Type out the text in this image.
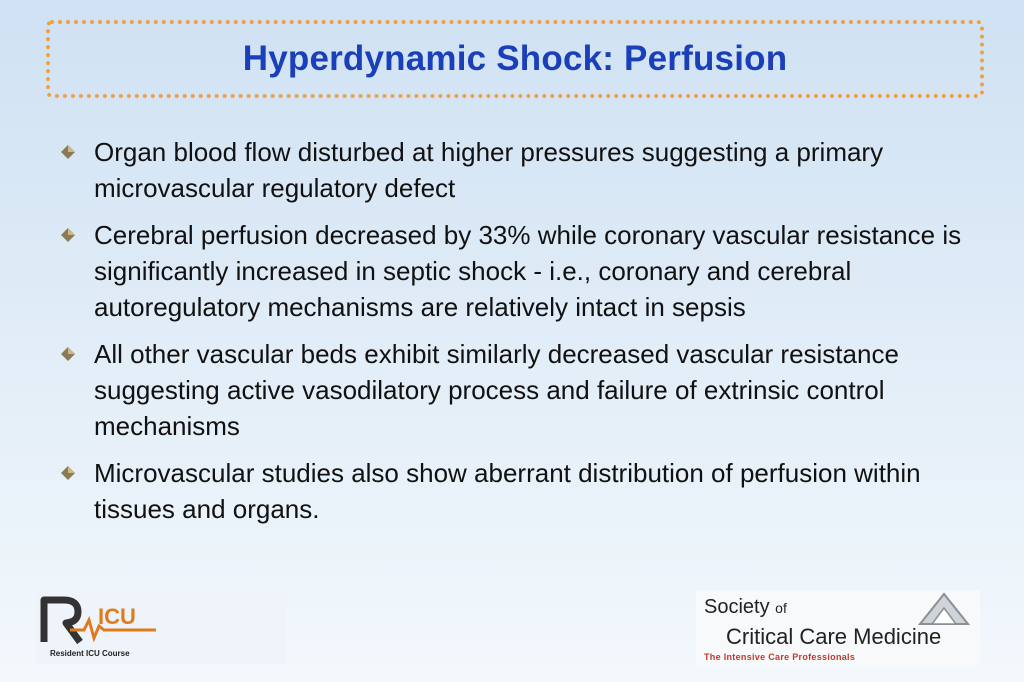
Hyperdynamic Shock: Perfusion
Organ blood flow disturbed at higher pressures suggesting a primary microvascular regulatory defect
Cerebral perfusion decreased by 33% while coronary vascular resistance is significantly increased in septic shock - i.e., coronary and cerebral autoregulatory mechanisms are relatively intact in sepsis
All other vascular beds exhibit similarly decreased vascular resistance suggesting active vasodilatory process and failure of extrinsic control mechanisms
Microvascular studies also show aberrant distribution of perfusion within tissues and organs.
ICU
Resident ICU Course
Society of
Critical Care Medicine
The Intensive Care Professionals
